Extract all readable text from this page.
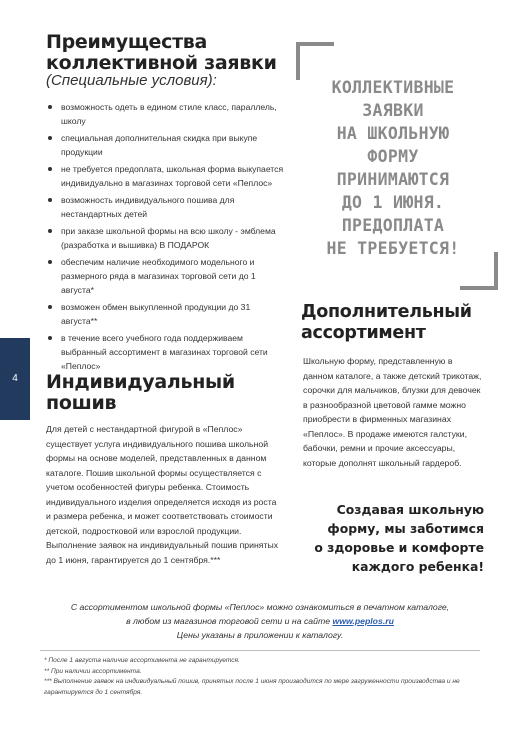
Преимущества
коллективной заявки

(Специальные условия):

возможность одеть в едином стиле класс, параллель, школу
специальная дополнительная скидка при выкупе продукции
не требуется предоплата, школьная форма выкупается индивидуально в магазинах торговой сети «Пеплос»
возможность индивидуального пошива для нестандартных детей
при заказе школьной формы на всю школу - эмблема (разработка и вышивка) В ПОДАРОК
обеспечим наличие необходимого модельного и размерного ряда в магазинах торговой сети до 1 августа*
возможен обмен выкупленной продукции до 31 августа**
в течение всего учебного года поддерживаем выбранный ассортимент в магазинах торговой сети «Пеплос»
КОЛЛЕКТИВНЫЕ
ЗАЯВКИ
НА ШКОЛЬНУЮ
ФОРМУ
ПРИНИМАЮТСЯ
ДО 1 ИЮНЯ.
ПРЕДОПЛАТА
НЕ ТРЕБУЕТСЯ!
4	Индивидуальный
пошив

Для детей с нестандартной фигурой в «Пеплос» существует услуга индивидуального пошива школьной формы на основе моделей, представленных в данном каталоге. Пошив школьной формы осуществляется с учетом особенностей фигуры ребенка. Стоимость индивидуального изделия определяется исходя из роста и размера ребенка, и может соответствовать стоимости детской, подростковой или взрослой продукции. Выполнение заявок на индивидуальный пошив принятых до 1 июня, гарантируется до 1 сентября.***

Дополнительный
ассортимент

Школьную форму, представленную в данном каталоге, а также детский трикотаж, сорочки для мальчиков, блузки для девочек в разнообразной цветовой гамме можно приобрести в фирменных магазинах «Пеплос». В продаже имеются галстуки, бабочки, ремни и прочие аксессуары, которые дополнят школьный гардероб.

Создавая школьную
форму, мы заботимся
о здоровье и комфорте
каждого ребенка!
С ассортиментом школьной формы «Пеплос» можно ознакомиться в печатном каталоге,
в любом из магазинов торговой сети и на сайте www.peplos.ru
Цены указаны в приложении к каталогу.

* После 1 августа наличие ассортимента не гарантируется.

** При наличии ассортимента.

*** Выполнение заявок на индивидуальный пошив, принятых после 1 июня производится по мере загруженности производства и не гарантируется до 1 сентября.
